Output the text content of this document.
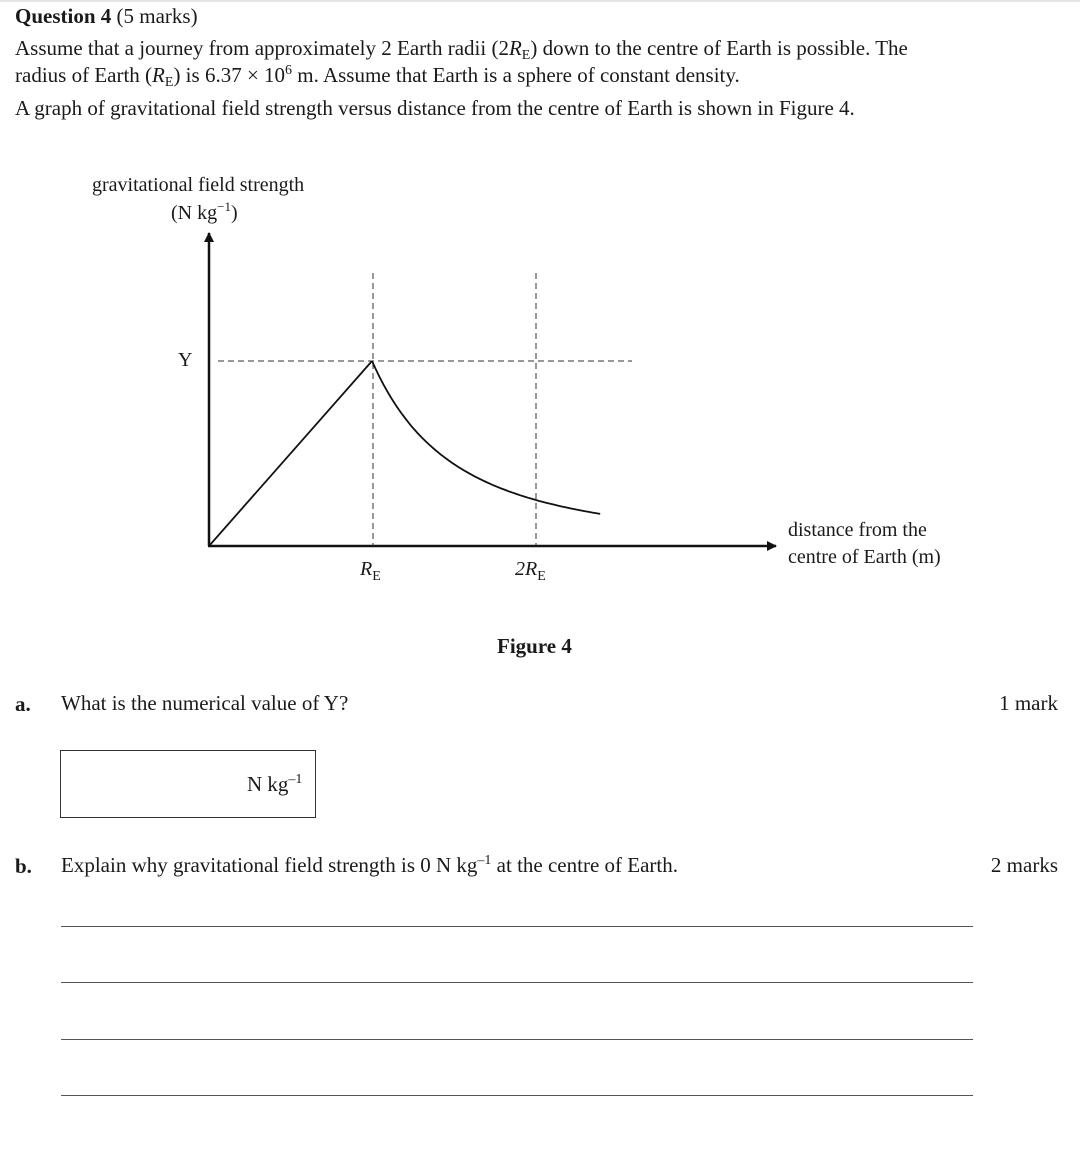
Question 4 (5 marks)
Assume that a journey from approximately 2 Earth radii $(2R_E)$ down to the centre of Earth is possible. The
radius of Earth $(R_E)$ is $6.37 \times 10^6$ m. Assume that Earth is a sphere of constant density.
A graph of gravitational field strength versus distance from the centre of Earth is shown in Figure 4.
gravitational field strength
(N $kg^{-1}$)
Y
$R_E$	$2R_E$
distance from the
centre of Earth (m)
Figure 4
a. What is the numerical value of Y?	1 mark
N $kg^{-1}$
b. Explain why gravitational field strength is 0 N $kg^{-1}$ at the centre of Earth.	2 marks
